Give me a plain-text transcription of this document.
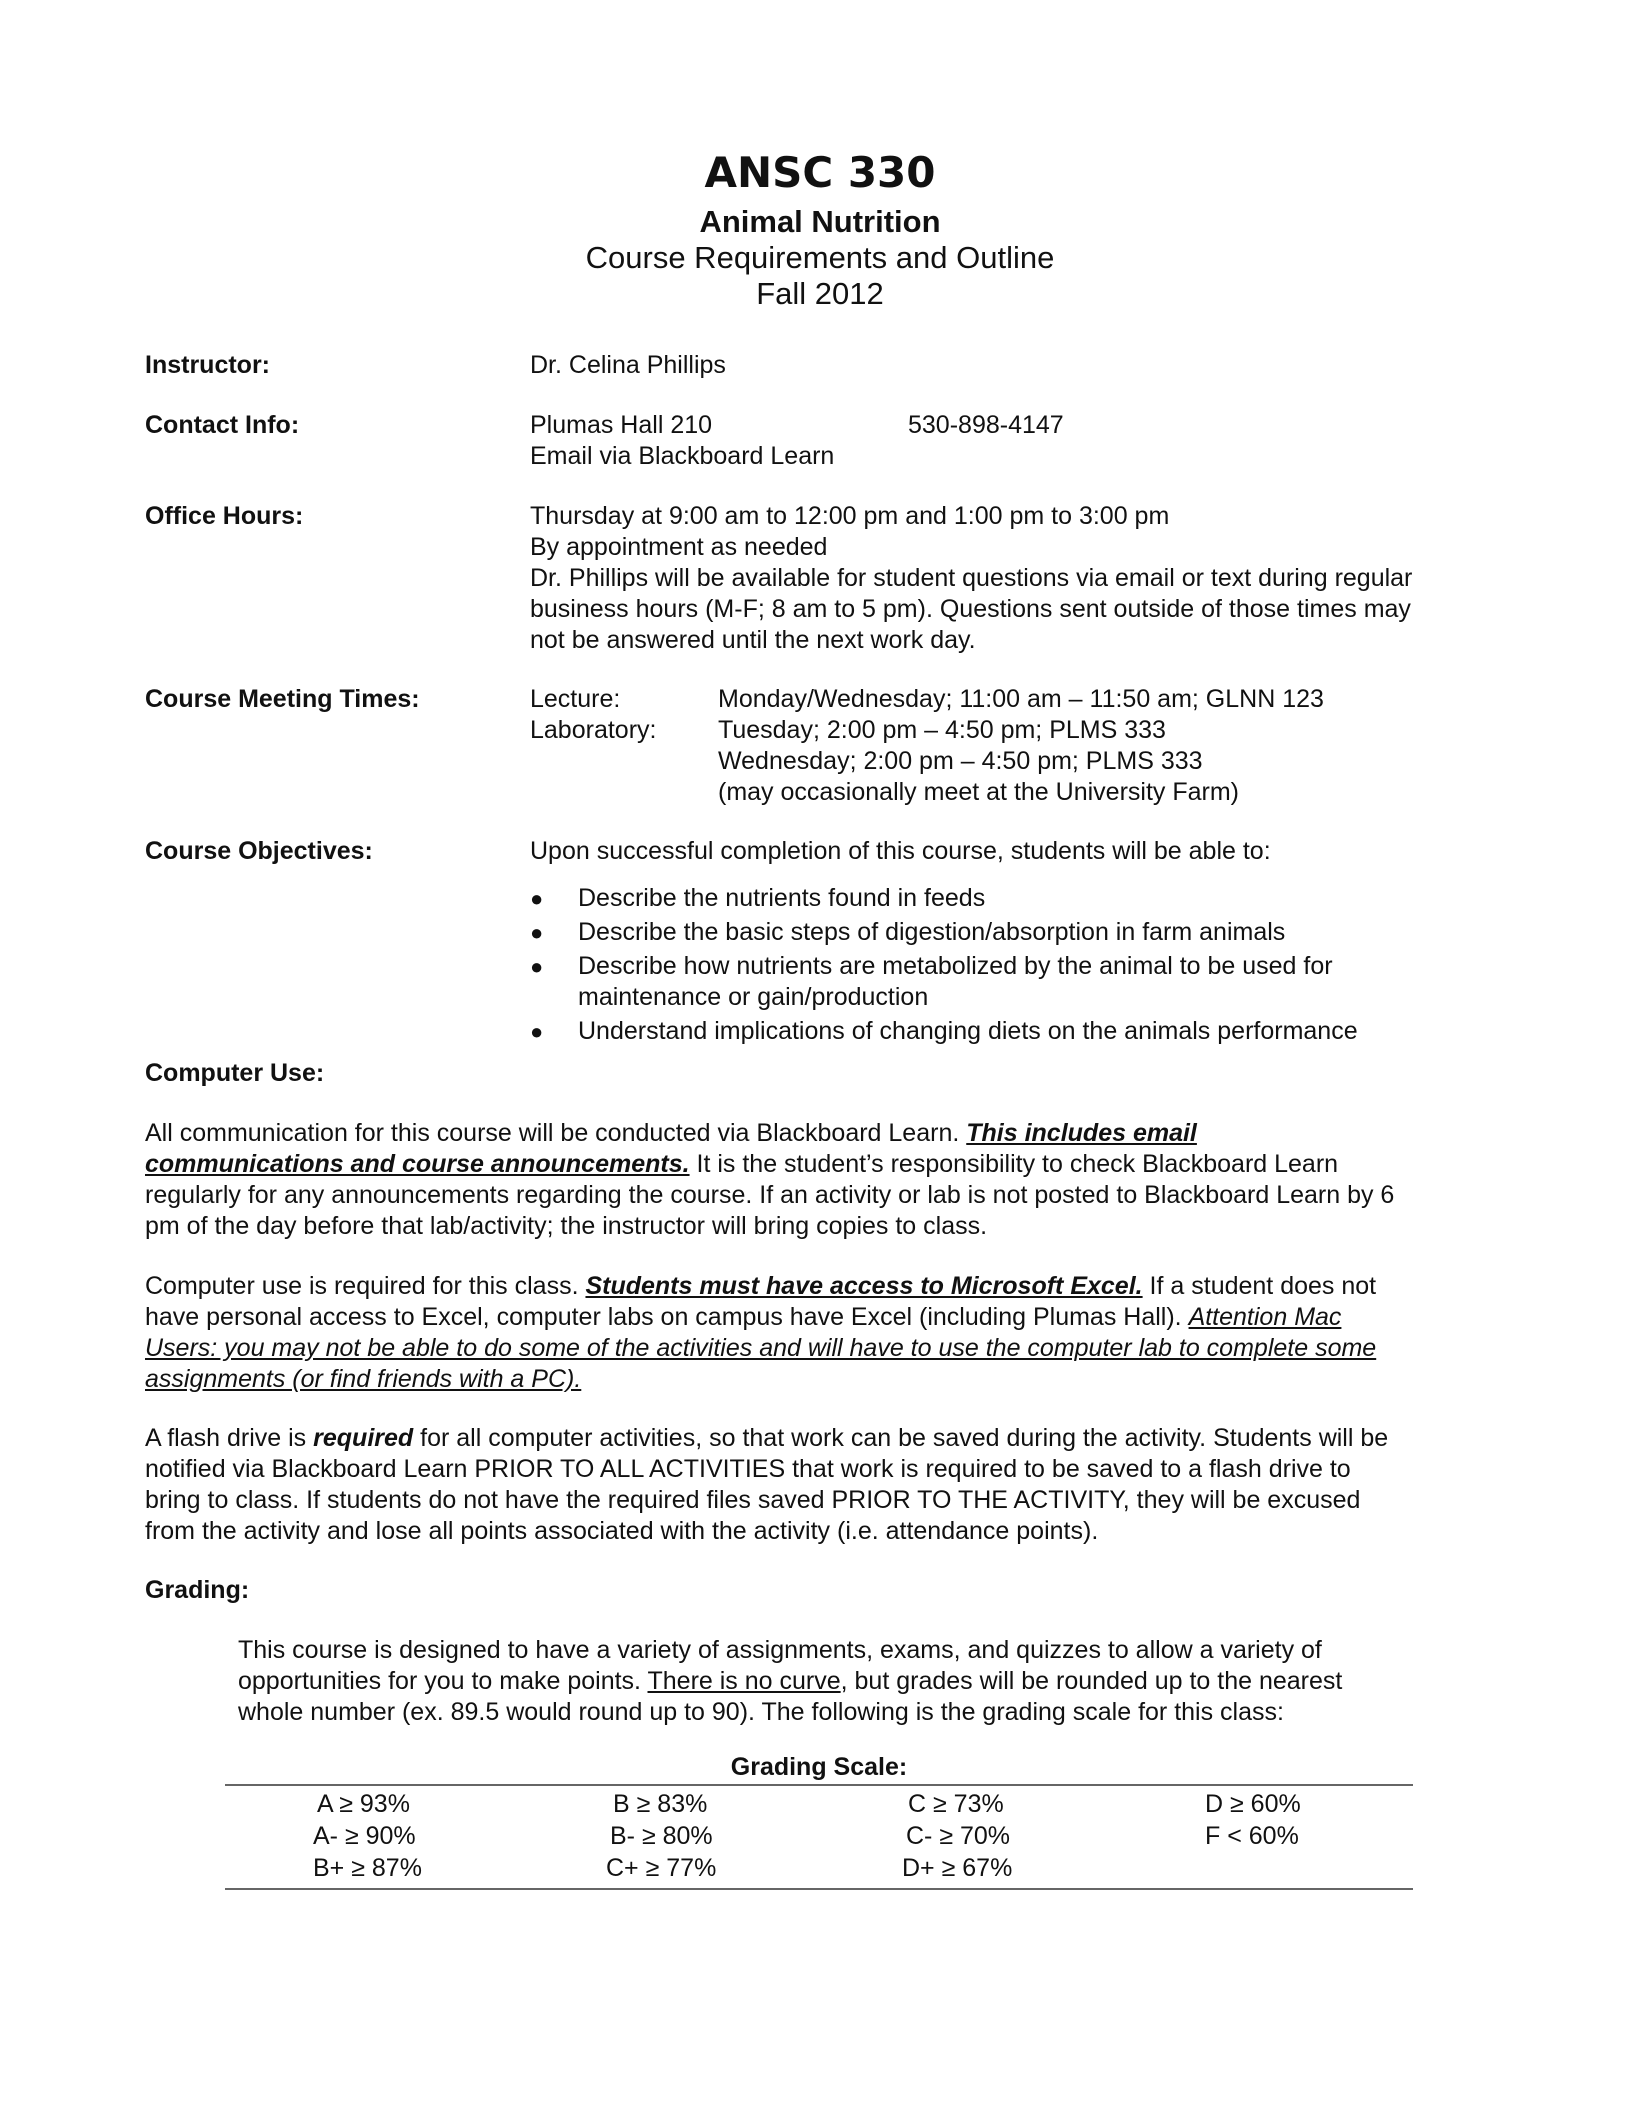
ANSC 330
Animal Nutrition
Course Requirements and Outline
Fall 2012
Instructor:	Dr. Celina Phillips
Contact Info:	Plumas Hall 210	530-898-4147
Email via Blackboard Learn
Office Hours:	Thursday at 9:00 am to 12:00 pm and 1:00 pm to 3:00 pm
By appointment as needed
Dr. Phillips will be available for student questions via email or text during regular
business hours (M-F; 8 am to 5 pm). Questions sent outside of those times may
not be answered until the next work day.
Course Meeting Times:	Lecture:	Monday/Wednesday; 11:00 am – 11:50 am; GLNN 123
Laboratory: Tuesday; 2:00 pm – 4:50 pm; PLMS 333
Wednesday; 2:00 pm – 4:50 pm; PLMS 333
(may occasionally meet at the University Farm)
Course Objectives:	Upon successful completion of this course, students will be able to:
● Describe the nutrients found in feeds
● Describe the basic steps of digestion/absorption in farm animals
● Describe how nutrients are metabolized by the animal to be used for maintenance or gain/production
● Understand implications of changing diets on the animals performance
Computer Use:
All communication for this course will be conducted via Blackboard Learn. This includes email
communications and course announcements. It is the student’s responsibility to check Blackboard Learn
regularly for any announcements regarding the course. If an activity or lab is not posted to Blackboard Learn by 6
pm of the day before that lab/activity; the instructor will bring copies to class.
Computer use is required for this class. Students must have access to Microsoft Excel. If a student does not
have personal access to Excel, computer labs on campus have Excel (including Plumas Hall). Attention Mac
Users: you may not be able to do some of the activities and will have to use the computer lab to complete some
assignments (or find friends with a PC).
A flash drive is required for all computer activities, so that work can be saved during the activity. Students will be
notified via Blackboard Learn PRIOR TO ALL ACTIVITIES that work is required to be saved to a flash drive to
bring to class. If students do not have the required files saved PRIOR TO THE ACTIVITY, they will be excused
from the activity and lose all points associated with the activity (i.e. attendance points).
Grading:
This course is designed to have a variety of assignments, exams, and quizzes to allow a variety of
opportunities for you to make points. There is no curve, but grades will be rounded up to the nearest
whole number (ex. 89.5 would round up to 90). The following is the grading scale for this class:
Grading Scale:
A ≥ 93%	B ≥ 83%	C ≥ 73%	D ≥ 60%
A- ≥ 90%	B- ≥ 80%	C- ≥ 70%	F < 60%
B+ ≥ 87%	C+ ≥ 77%	D+ ≥ 67%
